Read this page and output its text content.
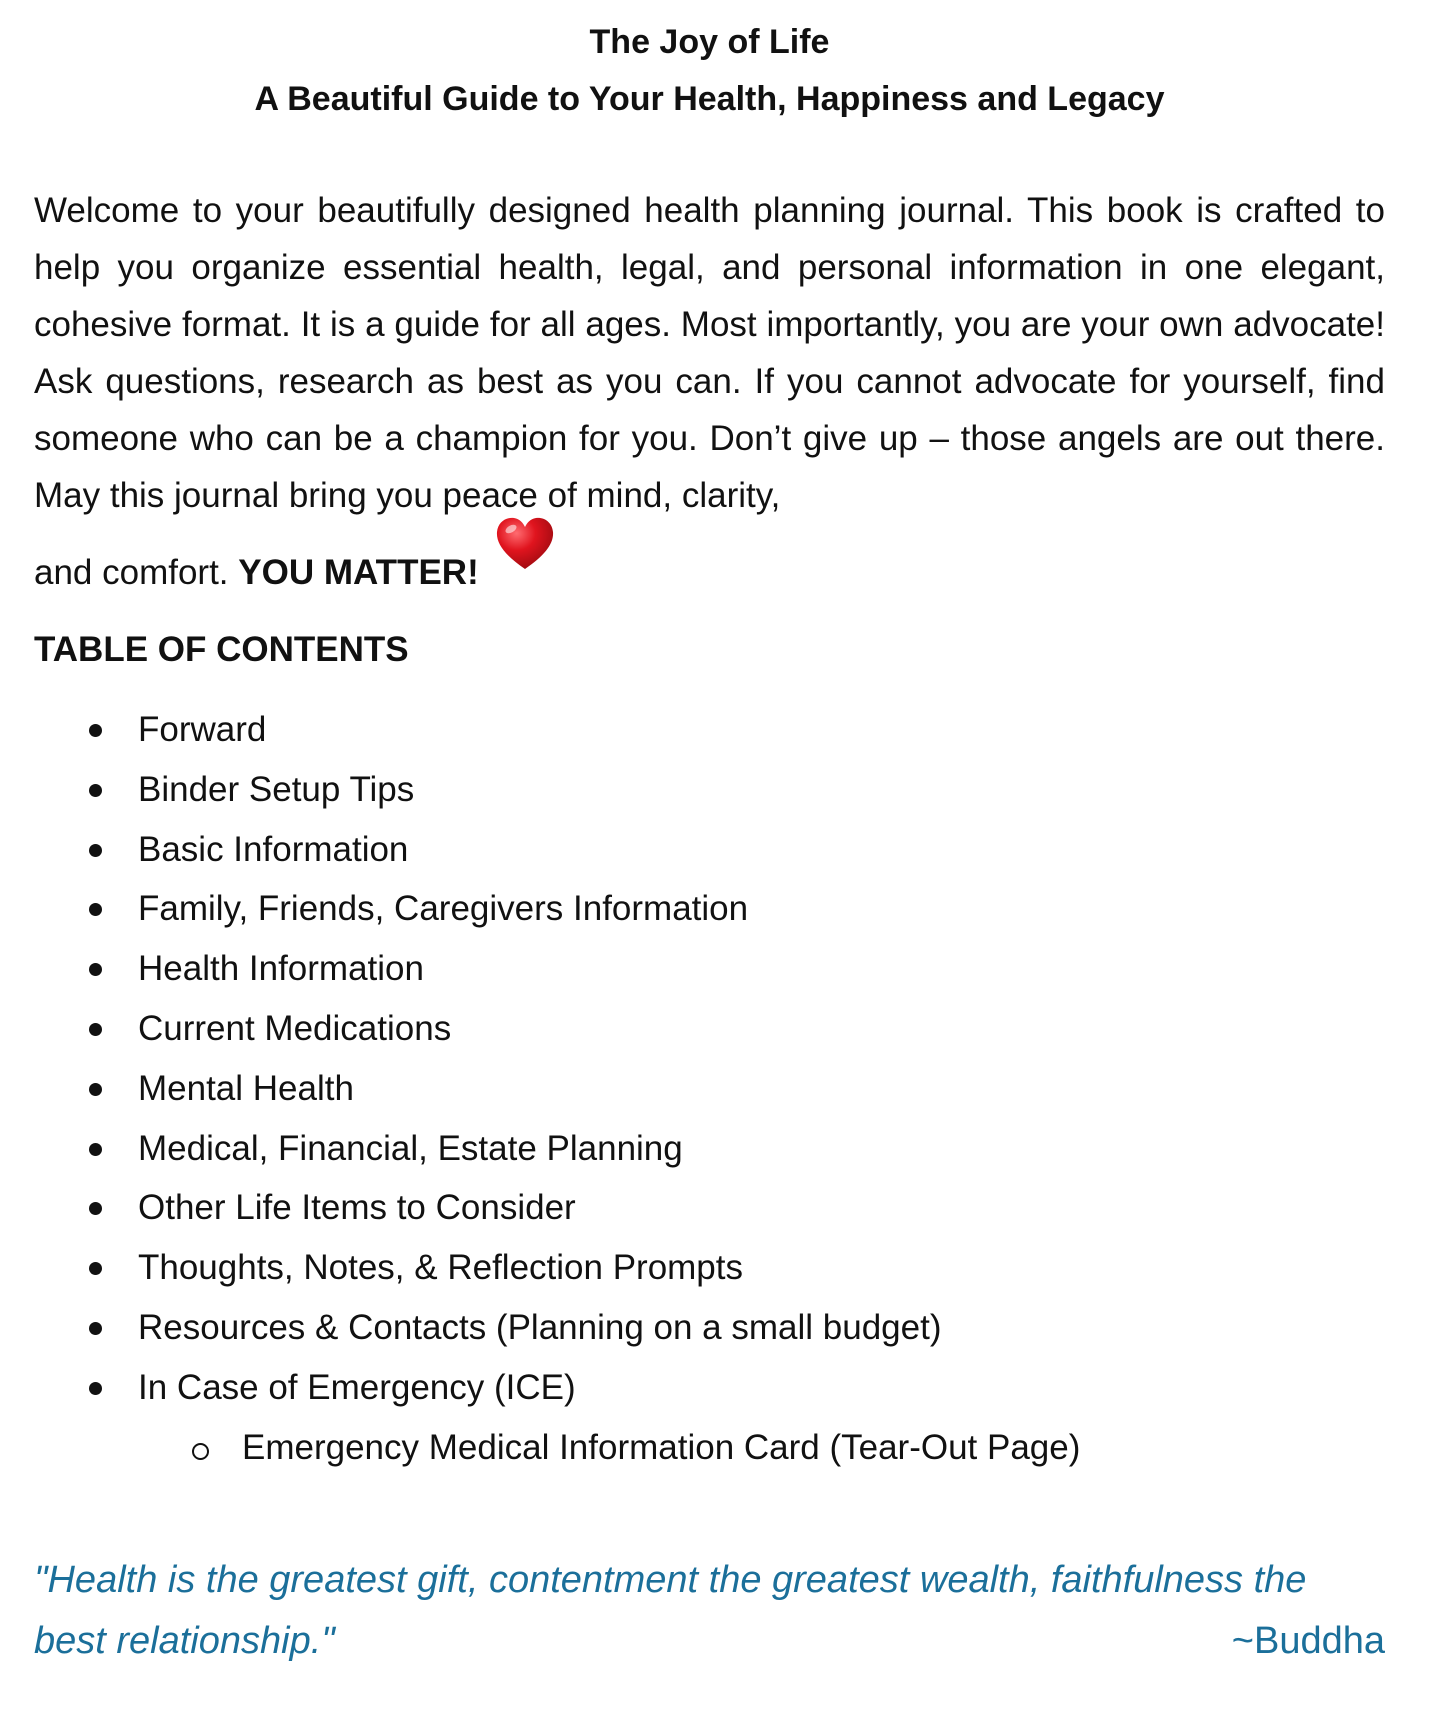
The Joy of Life
A Beautiful Guide to Your Health, Happiness and Legacy

Welcome to your beautifully designed health planning journal. This book is crafted to help you organize essential health, legal, and personal information in one elegant, cohesive format. It is a guide for all ages. Most importantly, you are your own advocate! Ask questions, research as best as you can. If you cannot advocate for yourself, find someone who can be a champion for you. Don’t give up – those angels are out there. May this journal bring you peace of mind, clarity,
and comfort. YOU MATTER!

TABLE OF CONTENTS
Forward
Binder Setup Tips
Basic Information
Family, Friends, Caregivers Information
Health Information
Current Medications
Mental Health
Medical, Financial, Estate Planning
Other Life Items to Consider
Thoughts, Notes, & Reflection Prompts
Resources & Contacts (Planning on a small budget)
In Case of Emergency (ICE)
Emergency Medical Information Card (Tear-Out Page)
"Health is the greatest gift, contentment the greatest wealth, faithfulness the best relationship."	~Buddha
